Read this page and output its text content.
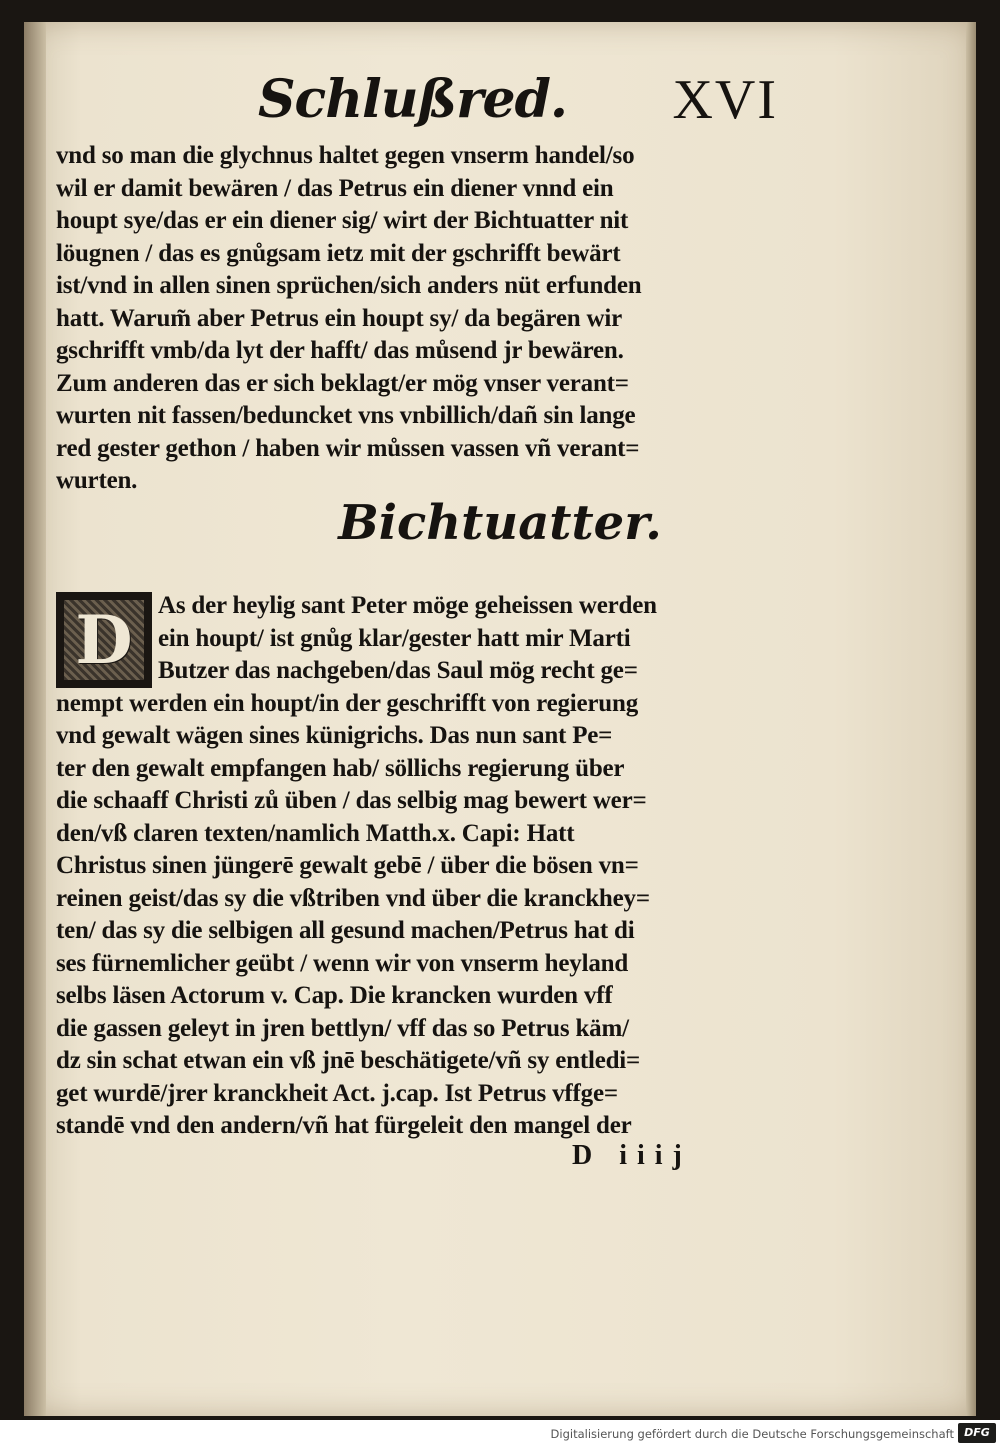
Schlußred. XVI
vnd so man die glychnus haltet gegen vnserm handel/so
wil er damit bewären / das Petrus ein diener vnnd ein
houpt sye/das er ein diener sig/ wirt der Bichtuatter nit
löugnen / das es gnůgsam ietz mit der gschrifft bewärt
ist/vnd in allen sinen sprüchen/sich anders nüt erfunden
hatt. Warum̃ aber Petrus ein houpt sy/ da begären wir
gschrifft vmb/da lyt der hafft/ das můsend jr bewären.
Zum anderen das er sich beklagt/er mög vnser verant=
wurten nit fassen/beduncket vns vnbillich/dañ sin lange
red gester gethon / haben wir můssen vassen vñ verant=
wurten.
Bichtuatter.
D	As der heylig sant Peter möge geheissen werden
ein houpt/ ist gnůg klar/gester hatt mir Marti
Butzer das nachgeben/das Saul mög recht ge=
nempt werden ein houpt/in der geschrifft von regierung
vnd gewalt wägen sines künigrichs. Das nun sant Pe=
ter den gewalt empfangen hab/ söllichs regierung über
die schaaff Christi zů üben / das selbig mag bewert wer=
den/vß claren texten/namlich Matth.x. Capi: Hatt
Christus sinen jüngerē gewalt gebē / über die bösen vn=
reinen geist/das sy die vßtriben vnd über die kranckhey=
ten/ das sy die selbigen all gesund machen/Petrus hat di
ses fürnemlicher geübt / wenn wir von vnserm heyland
selbs läsen Actorum v. Cap. Die krancken wurden vff
die gassen geleyt in jren bettlyn/ vff das so Petrus käm/
dz sin schat etwan ein vß jnē beschätigete/vñ sy entledi=
get wurdē/jrer kranckheit Act. j.cap. Ist Petrus vffge=
standē vnd den andern/vñ hat fürgeleit den mangel der
D iiij
Digitalisierung gefördert durch die Deutsche Forschungsgemeinschaft DFG
